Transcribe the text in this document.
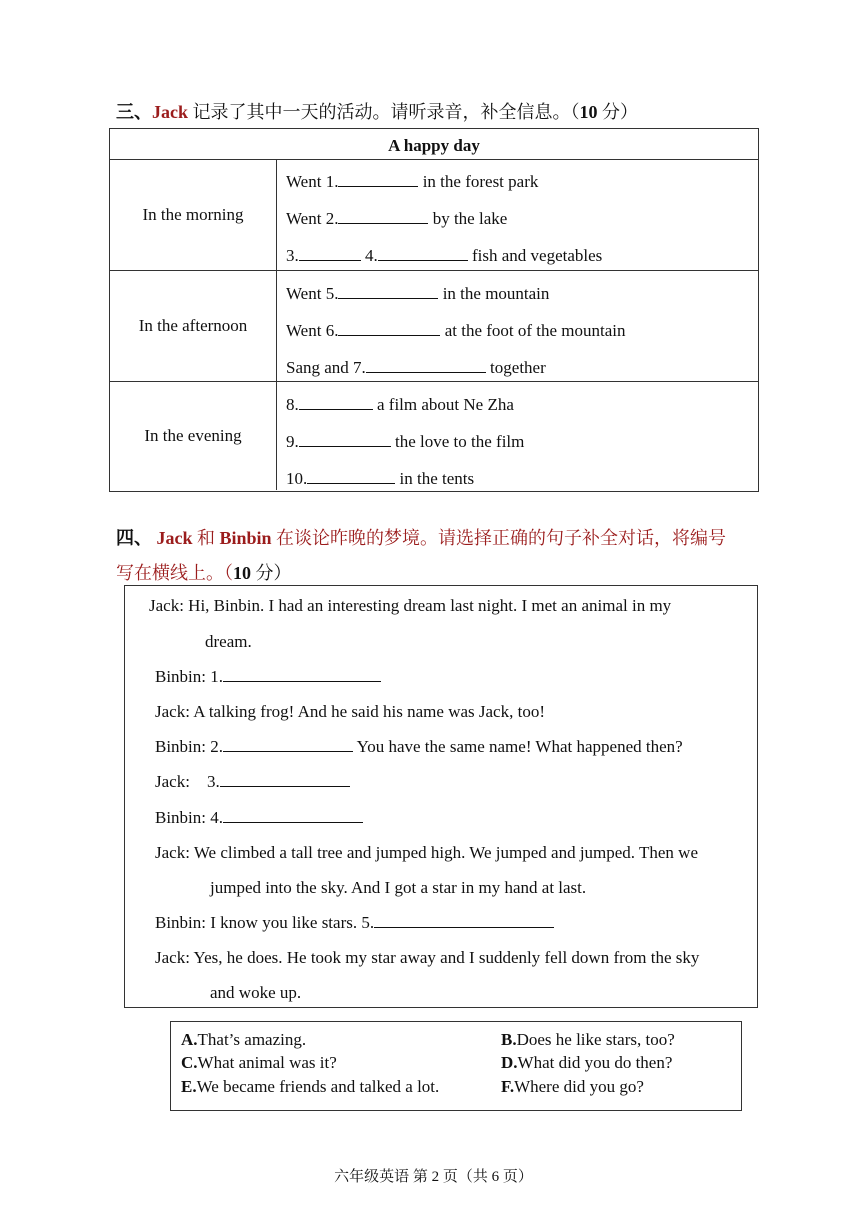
三、Jack 记录了其中一天的活动。请听录音，补全信息。（10 分）
A happy day
In the morning
Went 1.	in the forest park
Went 2.	by the lake
3.	4.	fish and vegetables
In the afternoon
Went 5.	in the mountain
Went 6.	at the foot of the mountain
Sang and 7.	together
In the evening
8.	a film about Ne Zha
9.	the love to the film
10.	in the tents
四、 Jack 和 Binbin 在谈论昨晚的梦境。请选择正确的句子补全对话，将编号
写在横线上。（10 分）
Jack: Hi, Binbin. I had an interesting dream last night. I met an animal in my
dream.
Binbin: 1.
Jack: A talking frog! And he said his name was Jack, too!
Binbin: 2.	You have the same name! What happened then?
Jack: 3.
Binbin: 4.
Jack: We climbed a tall tree and jumped high. We jumped and jumped. Then we
jumped into the sky. And I got a star in my hand at last.
Binbin: I know you like stars. 5.
Jack: Yes, he does. He took my star away and I suddenly fell down from the sky
and woke up.
A.That’s amazing.	B.Does he like stars, too?
C.What animal was it?	D.What did you do then?
E.We became friends and talked a lot.	F.Where did you go?
六年级英语 第 2 页（共 6 页）
